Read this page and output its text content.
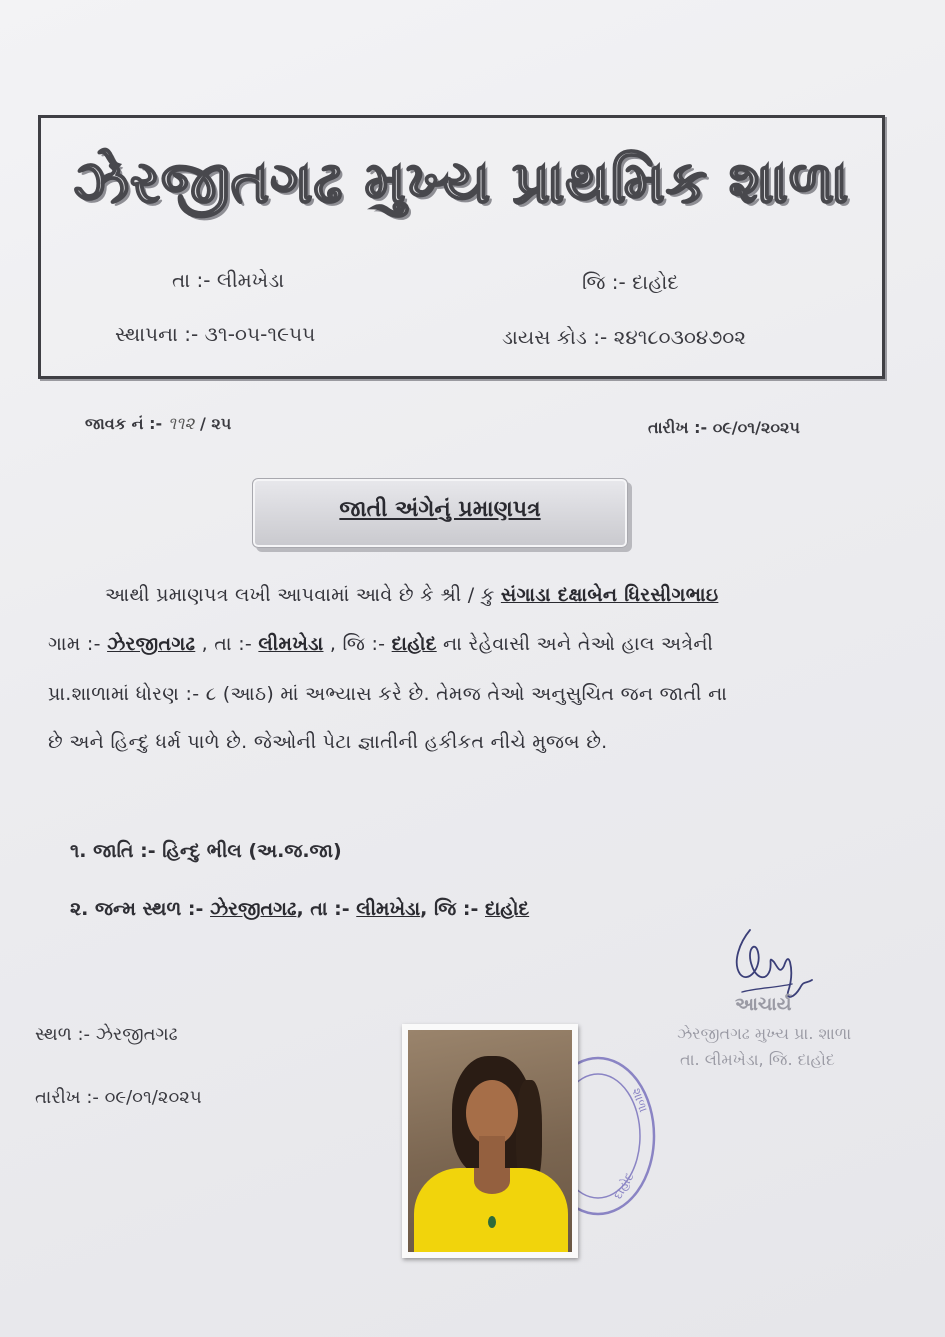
ઝેરજીતગઢ મુખ્ય પ્રાથમિક શાળા
તા :- લીમખેડા	જિ :- દાહોદ
સ્થાપના :- ૩૧-૦૫-૧૯૫૫	ડાયસ કોડ :- ૨૪૧૮૦૩૦૪૭૦૨
જાવક નં :- ૧૧૨ / ૨૫	તારીખ :- ૦૯/૦૧/૨૦૨૫
જાતી અંગેનું પ્રમાણપત્ર
આથી પ્રમાણપત્ર લખી આપવામાં આવે છે કે શ્રી / કુ સંગાડા દક્ષાબેન ધિરસીગભાઇ
ગામ :- ઝેરજીતગઢ , તા :- લીમખેડા , જિ :- દાહોદ ના રેહેવાસી અને તેઓ હાલ અત્રેની
પ્રા.શાળામાં ધોરણ :- ૮ (આઠ) માં અભ્યાસ કરે છે. તેમજ તેઓ અનુસુચિત જન જાતી ના
છે અને હિન્દુ ધર્મ પાળે છે. જેઓની પેટા જ્ઞાતીની હકીકત નીચે મુજબ છે.
૧. જાતિ :- હિન્દુ ભીલ (અ.જ.જા)
૨. જન્મ સ્થળ :- ઝેરજીતગઢ, તા :- લીમખેડા, જિ :- દાહોદ
આચાર્ય
ઝેરજીતગઢ મુખ્ય પ્રા. શાળા
તા. લીમખેડા, જિ. દાહોદ
સ્થળ :- ઝેરજીતગઢ
તારીખ :- ૦૯/૦૧/૨૦૨૫	શાળા
દાહોદ
